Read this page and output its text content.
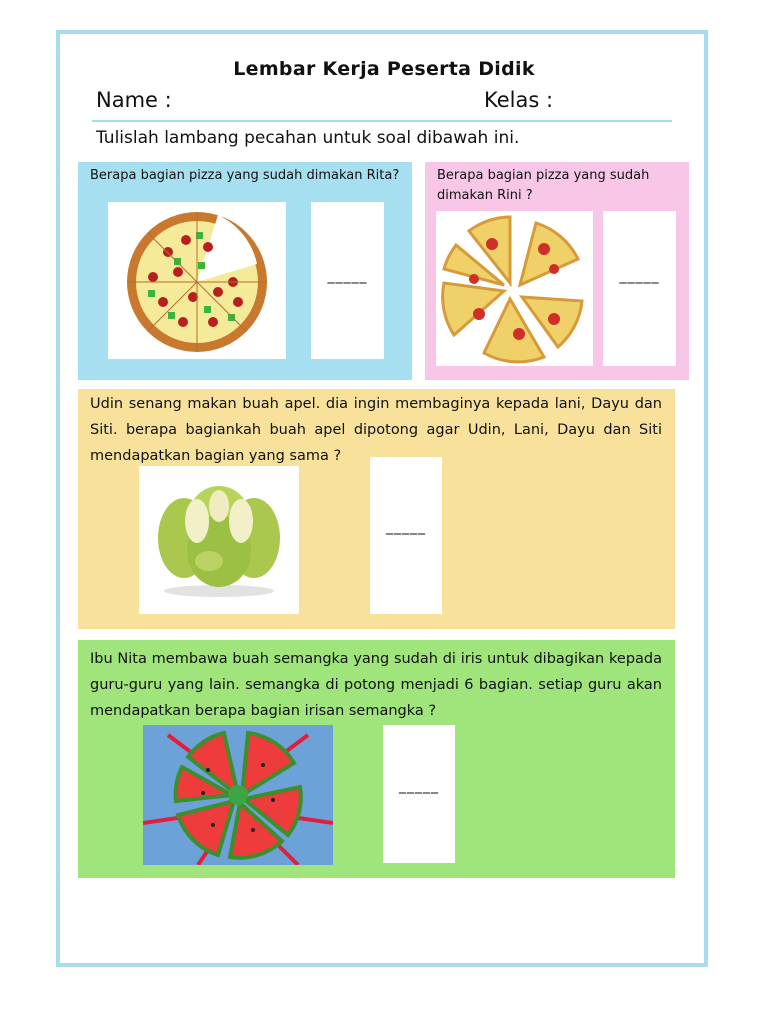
Lembar Kerja Peserta Didik
Name :	Kelas :
Tulislah lambang pecahan untuk soal dibawah ini.
Berapa bagian pizza yang sudah dimakan Rita?
_____
Berapa bagian pizza yang sudah dimakan Rini ?
_____
Udin senang makan buah apel. dia ingin membaginya kepada lani, Dayu dan Siti. berapa bagiankah buah apel dipotong agar Udin, Lani, Dayu dan Siti mendapatkan bagian yang sama ?
_____
Ibu Nita membawa buah semangka yang sudah di iris untuk dibagikan kepada guru-guru yang lain. semangka di potong menjadi 6 bagian. setiap guru akan mendapatkan berapa bagian irisan semangka ?
_____
